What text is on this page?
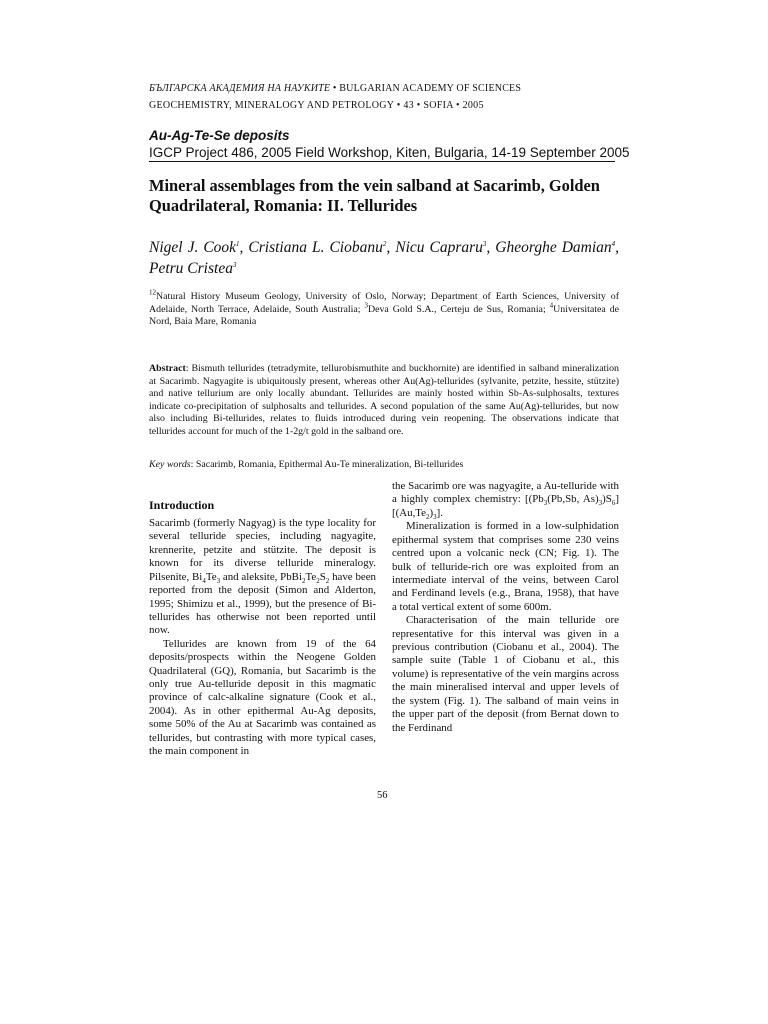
БЪЛГАРСКА АКАДЕМИЯ НА НАУКИТЕ • BULGARIAN ACADEMY OF SCIENCES
GEOCHEMISTRY, MINERALOGY AND PETROLOGY • 43 • SOFIA • 2005
Au-Ag-Te-Se deposits
IGCP Project 486, 2005 Field Workshop, Kiten, Bulgaria, 14-19 September 2005
Mineral assemblages from the vein salband at Sacarimb, Golden Quadrilateral, Romania: II. Tellurides
Nigel J. Cook$^1$, Cristiana L. Ciobanu$^2$, Nicu Capraru$^3$, Gheorghe Damian$^4$, Petru Cristea$^3$
$^{12}$Natural History Museum Geology, University of Oslo, Norway; Department of Earth Sciences, University of Adelaide, North Terrace, Adelaide, South Australia; $^3$Deva Gold S.A., Certeju de Sus, Romania; $^4$Universitatea de Nord, Baia Mare, Romania
Abstract: Bismuth tellurides (tetradymite, tellurobismuthite and buckhornite) are identified in salband mineralization at Sacarimb. Nagyagite is ubiquitously present, whereas other Au(Ag)-tellurides (sylvanite, petzite, hessite, stützite) and native tellurium are only locally abundant. Tellurides are mainly hosted within Sb-As-sulphosalts, textures indicate co-precipitation of sulphosalts and tellurides. A second population of the same Au(Ag)-tellurides, but now also including Bi-tellurides, relates to fluids introduced during vein reopening. The observations indicate that tellurides account for much of the 1-2g/t gold in the salband ore.
Key words: Sacarimb, Romania, Epithermal Au-Te mineralization, Bi-tellurides
Introduction

Sacarimb (formerly Nagyag) is the type locality for several telluride species, including nagyagite, krennerite, petzite and stützite. The deposit is known for its diverse telluride mineralogy. Pilsenite, $Bi_4Te_3$ and aleksite, $PbBi_2Te_2S_2$ have been reported from the deposit (Simon and Alderton, 1995; Shimizu et al., 1999), but the presence of Bi-tellurides has otherwise not been reported until now.

Tellurides are known from 19 of the 64 deposits/prospects within the Neogene Golden Quadrilateral (GQ), Romania, but Sacarimb is the only true Au-telluride deposit in this magmatic province of calc-alkaline signature (Cook et al., 2004). As in other epithermal Au-Ag deposits, some 50% of the Au at Sacarimb was contained as tellurides, but contrasting with more typical cases, the main component in

the Sacarimb ore was nagyagite, a Au-telluride with a highly complex chemistry: [($Pb_3(Pb,Sb$, $As)_3)S_6][(Au,Te_2)_3]$.

Mineralization is formed in a low-sulphidation epithermal system that comprises some 230 veins centred upon a volcanic neck (CN; Fig. 1). The bulk of telluride-rich ore was exploited from an intermediate interval of the veins, between Carol and Ferdinand levels (e.g., Brana, 1958), that have a total vertical extent of some 600m.

Characterisation of the main telluride ore representative for this interval was given in a previous contribution (Ciobanu et al., 2004). The sample suite (Table 1 of Ciobanu et al., this volume) is representative of the vein margins across the main mineralised interval and upper levels of the system (Fig. 1). The salband of main veins in the upper part of the deposit (from Bernat down to the Ferdinand

56
